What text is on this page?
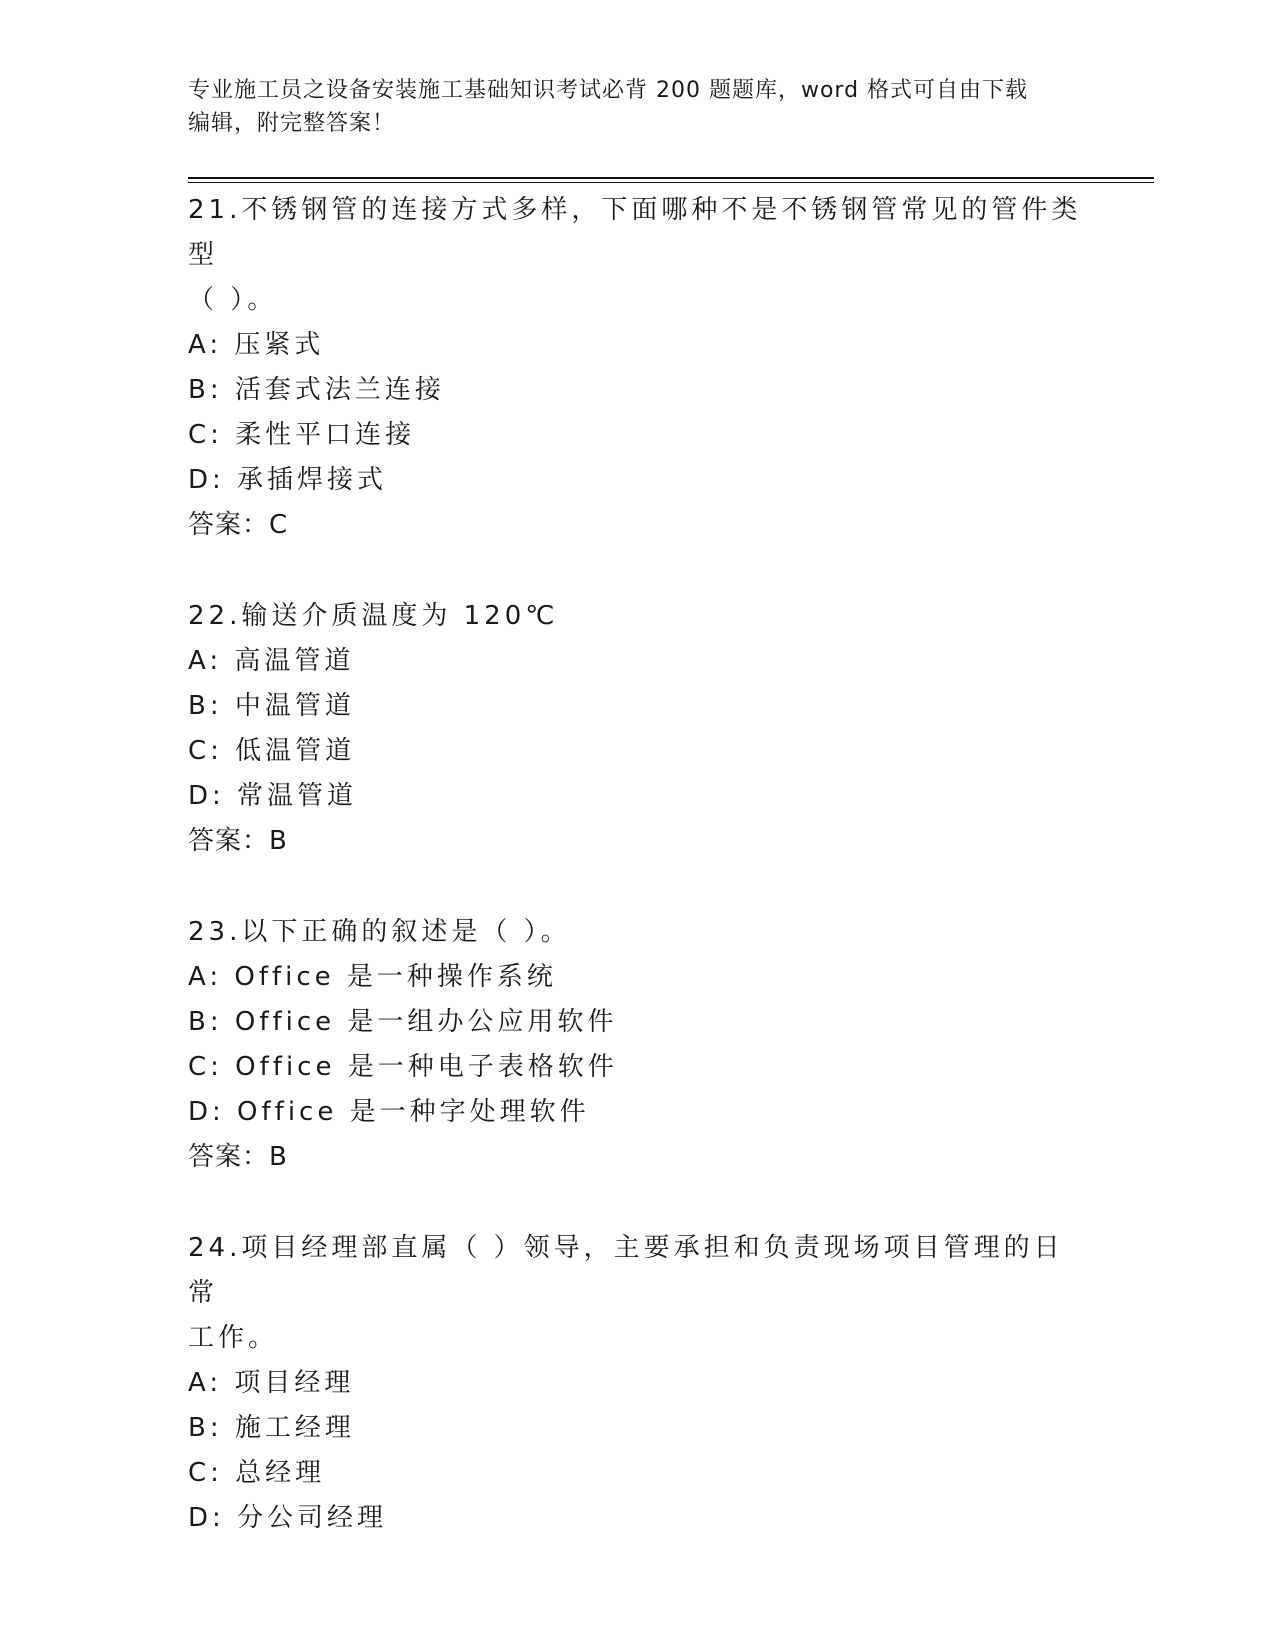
专业施工员之设备安装施工基础知识考试必背 200 题题库，word 格式可自由下载
编辑，附完整答案！
21.不锈钢管的连接方式多样，下面哪种不是不锈钢管常见的管件类型
（ ）。
A: 压紧式
B: 活套式法兰连接
C: 柔性平口连接
D: 承插焊接式
答案：C
22.输送介质温度为 120℃
A: 高温管道
B: 中温管道
C: 低温管道
D: 常温管道
答案：B
23.以下正确的叙述是（ ）。
A: Office 是一种操作系统
B: Office 是一组办公应用软件
C: Office 是一种电子表格软件
D: Office 是一种字处理软件
答案：B
24.项目经理部直属（ ）领导，主要承担和负责现场项目管理的日常
工作。
A: 项目经理
B: 施工经理
C: 总经理
D: 分公司经理
